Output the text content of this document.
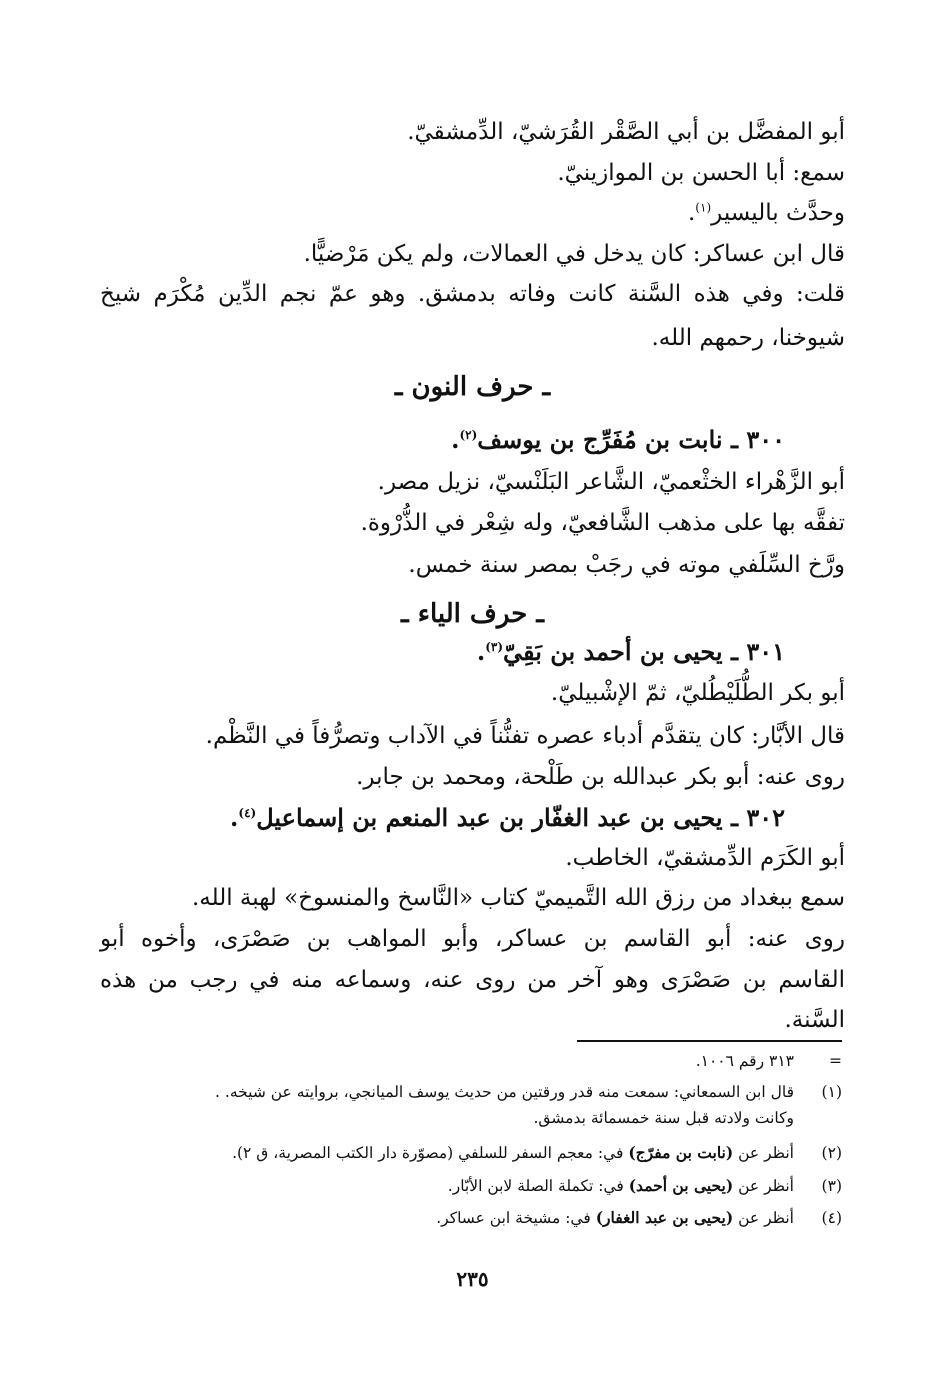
أبو المفضَّل بن أبي الصَّقْر القُرَشيّ، الدِّمشقيّ.
سمع: أبا الحسن بن الموازينيّ.
وحدَّث باليسير$^{(١)}$.
قال ابن عساكر: كان يدخل في العمالات، ولم يكن مَرْضيًّا.
قلت: وفي هذه السَّنة كانت وفاته بدمشق. وهو عمّ نجم الدِّين مُكْرَم شيخ
شيوخنا، رحمهم الله.
ـ حرف النون ـ
٣٠٠ ـ نابت بن مُفَرِّج بن يوسف$^{(٢)}$.
أبو الزَّهْراء الخثْعميّ، الشَّاعر البَلَنْسيّ، نزيل مصر.
تفقَّه بها على مذهب الشَّافعيّ، وله شِعْر في الذُّرْوة.
ورَّخ السِّلَفي موته في رجَبْ بمصر سنة خمس.
ـ حرف الياء ـ
٣٠١ ـ يحيى بن أحمد بن بَقِيّ$^{(٣)}$.
أبو بكر الطُّلَيْطُليّ، ثمّ الإشْبيليّ.
قال الأبَّار: كان يتقدَّم أدباء عصره تفنُّناً في الآداب وتصرُّفاً في النَّظْم.
روى عنه: أبو بكر عبدالله بن طَلْحة، ومحمد بن جابر.
٣٠٢ ـ يحيى بن عبد الغفّار بن عبد المنعم بن إسماعيل$^{(٤)}$.
أبو الكَرَم الدِّمشقيّ، الخاطب.
سمع ببغداد من رزق الله التَّميميّ كتاب «النَّاسخ والمنسوخ» لهبة الله.
روى عنه: أبو القاسم بن عساكر، وأبو المواهب بن صَصْرَى، وأخوه أبو
القاسم بن صَصْرَى وهو آخر من روى عنه، وسماعه منه في رجب من هذه
السَّنة.
=٣١٣ رقم ١٠٠٦.
(١)قال ابن السمعاني: سمعت منه قدر ورقتين من حديث يوسف الميانجي، بروايته عن شيخه. .
وكانت ولادته قبل سنة خمسمائة بدمشق.
(٢)أنظر عن (نابت بن مفرّج) في: معجم السفر للسلفي (مصوّرة دار الكتب المصرية، ق ٢).
(٣)أنظر عن (يحيى بن أحمد) في: تكملة الصلة لابن الأبّار.
(٤)أنظر عن (يحيى بن عبد الغفار) في: مشيخة ابن عساكر.
٢٣٥
